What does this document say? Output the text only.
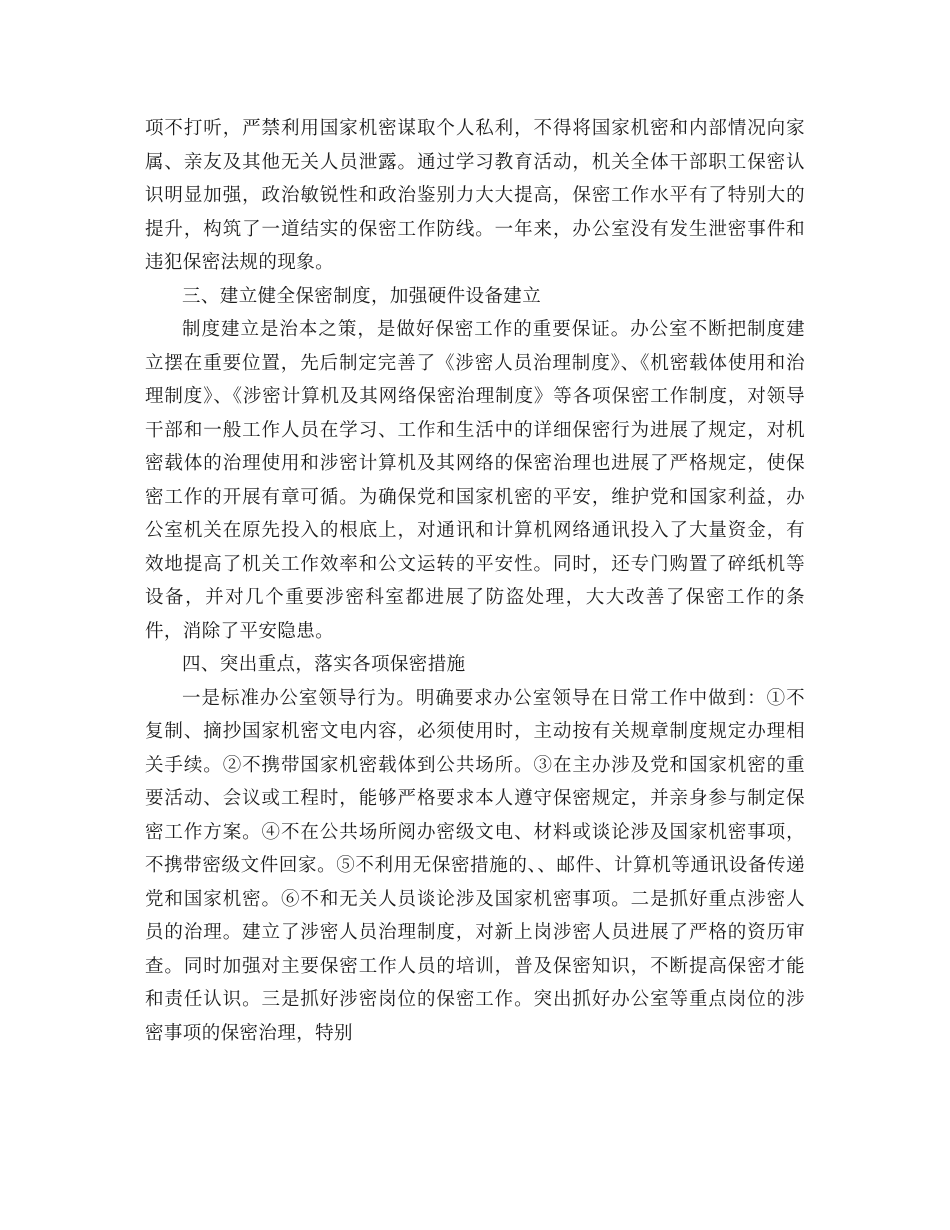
项不打听，严禁利用国家机密谋取个人私利，不得将国家机密和内部情况向家属、亲友及其他无关人员泄露。通过学习教育活动，机关全体干部职工保密认识明显加强，政治敏锐性和政治鉴别力大大提高，保密工作水平有了特别大的提升，构筑了一道结实的保密工作防线。一年来，办公室没有发生泄密事件和违犯保密法规的现象。

三、建立健全保密制度，加强硬件设备建立

制度建立是治本之策，是做好保密工作的重要保证。办公室不断把制度建立摆在重要位置，先后制定完善了《涉密人员治理制度》、《机密载体使用和治理制度》、《涉密计算机及其网络保密治理制度》等各项保密工作制度，对领导干部和一般工作人员在学习、工作和生活中的详细保密行为进展了规定，对机密载体的治理使用和涉密计算机及其网络的保密治理也进展了严格规定，使保密工作的开展有章可循。为确保党和国家机密的平安，维护党和国家利益，办公室机关在原先投入的根底上，对通讯和计算机网络通讯投入了大量资金，有效地提高了机关工作效率和公文运转的平安性。同时，还专门购置了碎纸机等设备，并对几个重要涉密科室都进展了防盗处理，大大改善了保密工作的条件，消除了平安隐患。

四、突出重点，落实各项保密措施

一是标准办公室领导行为。明确要求办公室领导在日常工作中做到：①不复制、摘抄国家机密文电内容，必须使用时，主动按有关规章制度规定办理相关手续。②不携带国家机密载体到公共场所。③在主办涉及党和国家机密的重要活动、会议或工程时，能够严格要求本人遵守保密规定，并亲身参与制定保密工作方案。④不在公共场所阅办密级文电、材料或谈论涉及国家机密事项，不携带密级文件回家。⑤不利用无保密措施的、、邮件、计算机等通讯设备传递党和国家机密。⑥不和无关人员谈论涉及国家机密事项。二是抓好重点涉密人员的治理。建立了涉密人员治理制度，对新上岗涉密人员进展了严格的资历审查。同时加强对主要保密工作人员的培训，普及保密知识，不断提高保密才能和责任认识。三是抓好涉密岗位的保密工作。突出抓好办公室等重点岗位的涉密事项的保密治理，特别
